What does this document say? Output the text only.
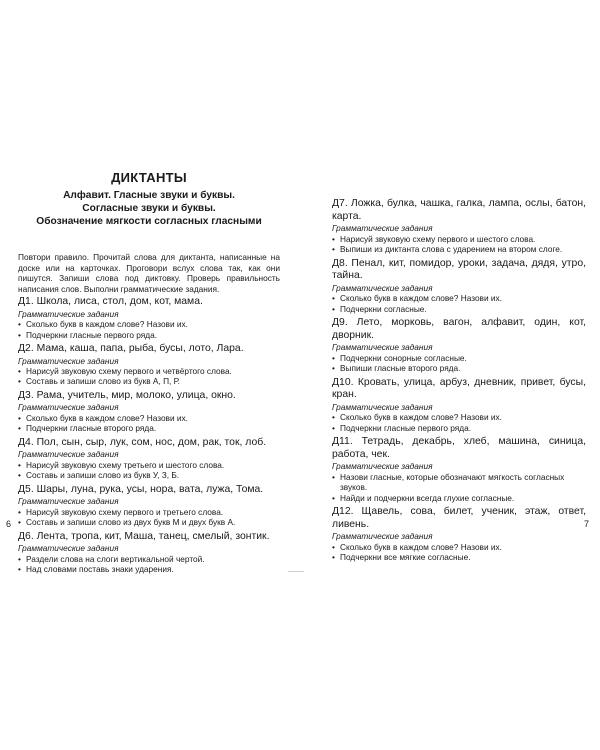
ДИКТАНТЫ
Алфавит. Гласные звуки и буквы.
Согласные звуки и буквы.
Обозначение мягкости согласных гласными
Повтори правило. Прочитай слова для диктанта, написанные на доске или на карточках. Проговори вслух слова так, как они пишутся. Запиши слова под диктовку. Проверь правильность написания слов. Выполни грамматические задания.
Д1. Школа, лиса, стол, дом, кот, мама.
Грамматические задания
• Сколько букв в каждом слове? Назови их.
• Подчеркни гласные первого ряда.
Д2. Мама, каша, папа, рыба, бусы, лото, Лара.
Грамматические задания
• Нарисуй звуковую схему первого и четвёртого слова.
• Составь и запиши слово из букв А, П, Р.
Д3. Рама, учитель, мир, молоко, улица, окно.
Грамматические задания
• Сколько букв в каждом слове? Назови их.
• Подчеркни гласные второго ряда.
Д4. Пол, сын, сыр, лук, сом, нос, дом, рак, ток, лоб.
Грамматические задания
• Нарисуй звуковую схему третьего и шестого слова.
• Составь и запиши слово из букв У, З, Б.
Д5. Шары, луна, рука, усы, нора, вата, лужа, Тома.
Грамматические задания
• Нарисуй звуковую схему первого и третьего слова.
• Составь и запиши слово из двух букв М и двух букв А.
Д6. Лента, тропа, кит, Маша, танец, смелый, зонтик.
Грамматические задания
• Раздели слова на слоги вертикальной чертой.
• Над словами поставь знаки ударения.
Д7. Ложка, булка, чашка, галка, лампа, ослы, батон, карта.
Грамматические задания
• Нарисуй звуковую схему первого и шестого слова.
• Выпиши из диктанта слова с ударением на втором слоге.
Д8. Пенал, кит, помидор, уроки, задача, дядя, утро, тайна.
Грамматические задания
• Сколько букв в каждом слове? Назови их.
• Подчеркни согласные.
Д9. Лето, морковь, вагон, алфавит, один, кот, дворник.
Грамматические задания
• Подчеркни сонорные согласные.
• Выпиши гласные второго ряда.
Д10. Кровать, улица, арбуз, дневник, привет, бусы, кран.
Грамматические задания
• Сколько букв в каждом слове? Назови их.
• Подчеркни гласные первого ряда.
Д11. Тетрадь, декабрь, хлеб, машина, синица, работа, чек.
Грамматические задания
• Назови гласные, которые обозначают мягкость согласных звуков.
• Найди и подчеркни всегда глухие согласные.
Д12. Щавель, сова, билет, ученик, этаж, ответ, ливень.
Грамматические задания
• Сколько букв в каждом слове? Назови их.
• Подчеркни все мягкие согласные.
6	7
